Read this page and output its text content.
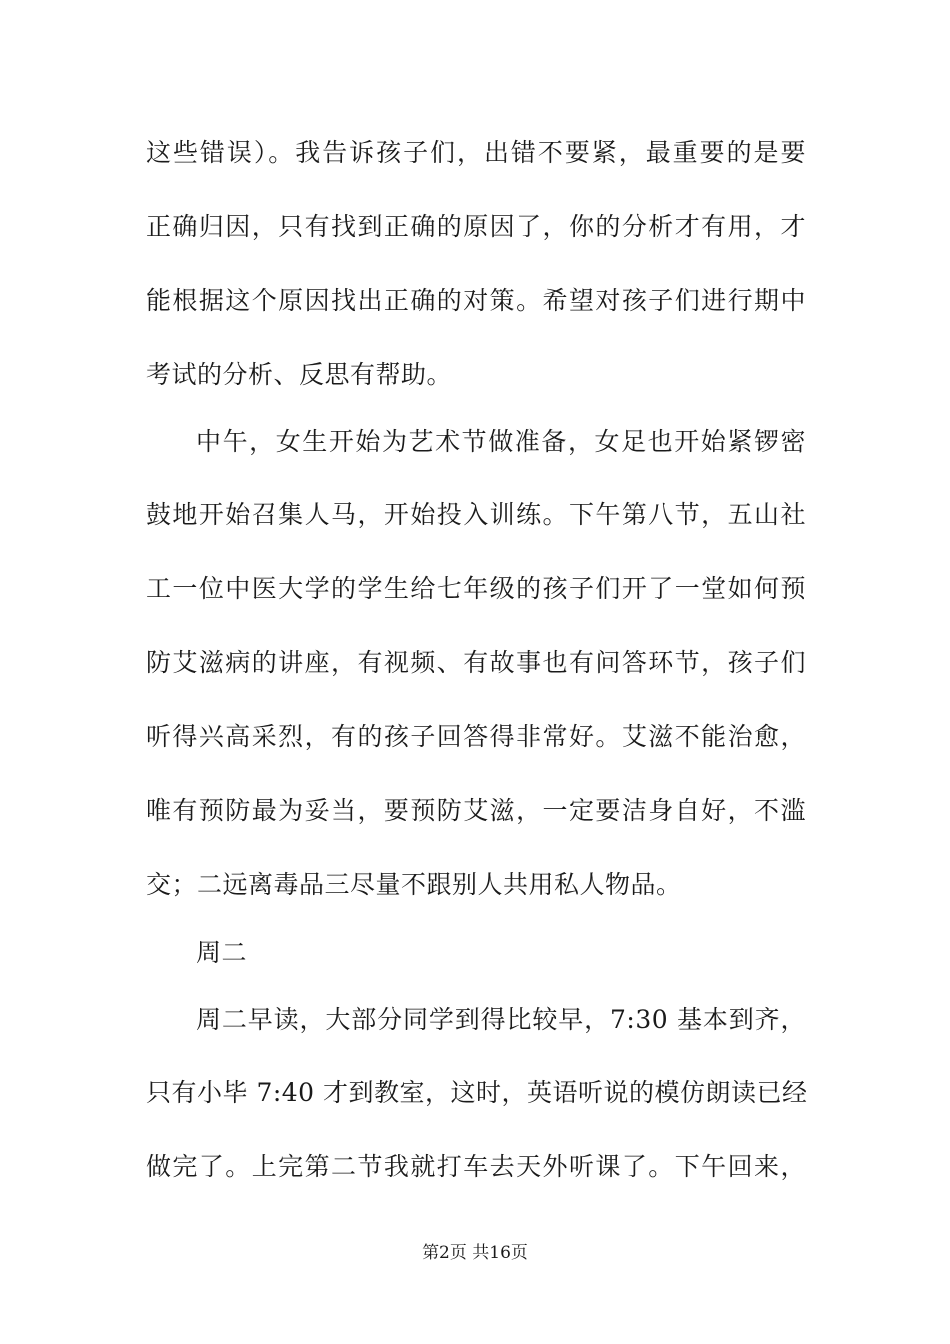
这些错误）。我告诉孩子们，出错不要紧，最重要的是要
正确归因，只有找到正确的原因了，你的分析才有用，才
能根据这个原因找出正确的对策。希望对孩子们进行期中
考试的分析、反思有帮助。
中午，女生开始为艺术节做准备，女足也开始紧锣密
鼓地开始召集人马，开始投入训练。下午第八节，五山社
工一位中医大学的学生给七年级的孩子们开了一堂如何预
防艾滋病的讲座，有视频、有故事也有问答环节，孩子们
听得兴高采烈，有的孩子回答得非常好。艾滋不能治愈，
唯有预防最为妥当，要预防艾滋，一定要洁身自好，不滥
交；二远离毒品三尽量不跟别人共用私人物品。
周二
周二早读，大部分同学到得比较早，7:30 基本到齐，
只有小毕 7:40 才到教室，这时，英语听说的模仿朗读已经
做完了。上完第二节我就打车去天外听课了。下午回来，
第2页 共16页
